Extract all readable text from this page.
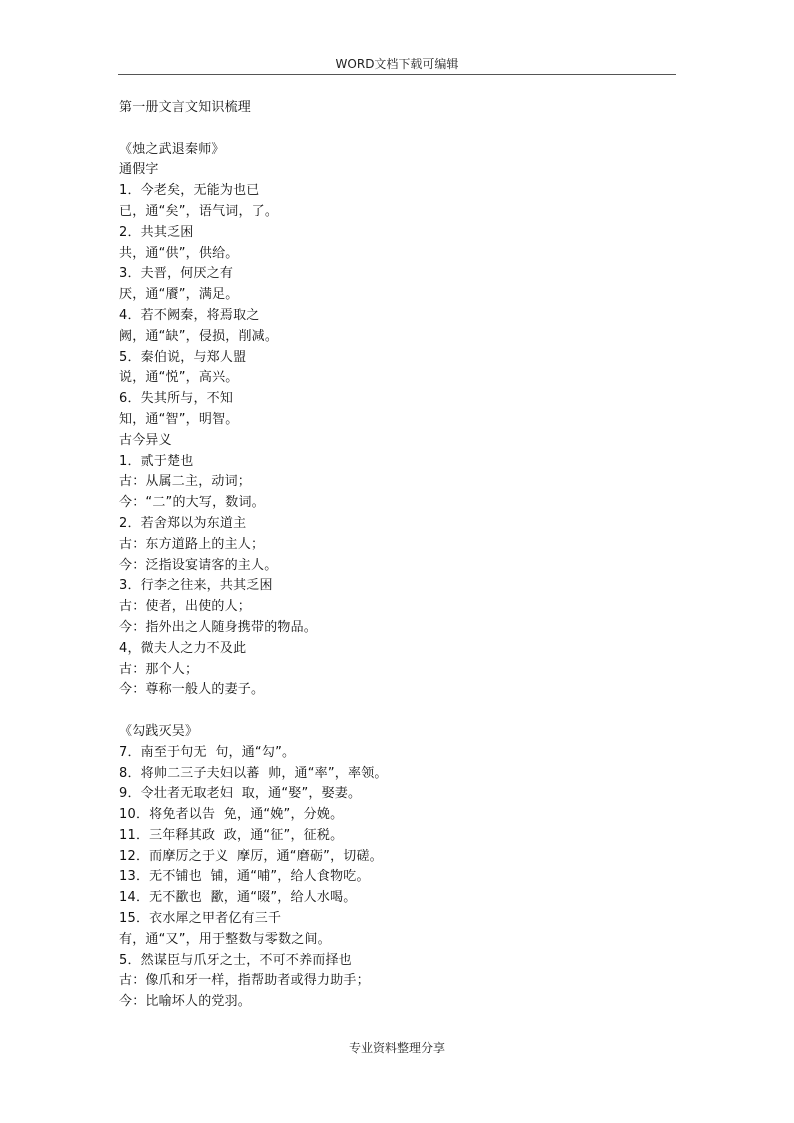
WORD文档下载可编辑
第一册文言文知识梳理
《烛之武退秦师》
通假字
1．今老矣，无能为也已
已，通“矣”，语气词，了。
2．共其乏困
共，通“供”，供给。
3．夫晋，何厌之有
厌，通“餍”，满足。
4．若不阙秦，将焉取之
阙，通“缺”，侵损，削减。
5．秦伯说，与郑人盟
说，通“悦”，高兴。
6．失其所与，不知
知，通“智”，明智。
古今异义
1．贰于楚也
古：从属二主，动词；
今：“二”的大写，数词。
2．若舍郑以为东道主
古：东方道路上的主人；
今：泛指设宴请客的主人。
3．行李之往来，共其乏困
古：使者，出使的人；
今：指外出之人随身携带的物品。
4，微夫人之力不及此
古：那个人；
今：尊称一般人的妻子。
《勾践灭吴》
7．南至于句无  句，通“勾”。
8．将帅二三子夫妇以蕃  帅，通“率”，率领。
9．令壮者无取老妇  取，通“娶”，娶妻。
10．将免者以告  免，通“娩”，分娩。
11．三年释其政  政，通“征”，征税。
12．而摩厉之于义  摩厉，通“磨砺”，切磋。
13．无不铺也  铺，通“哺”，给人食物吃。
14．无不歠也  歠，通“啜”，给人水喝。
15．衣水犀之甲者亿有三千
有，通“又”，用于整数与零数之间。
5．然谋臣与爪牙之士，不可不养而择也
古：像爪和牙一样，指帮助者或得力助手；
今：比喻坏人的党羽。
专业资料整理分享
